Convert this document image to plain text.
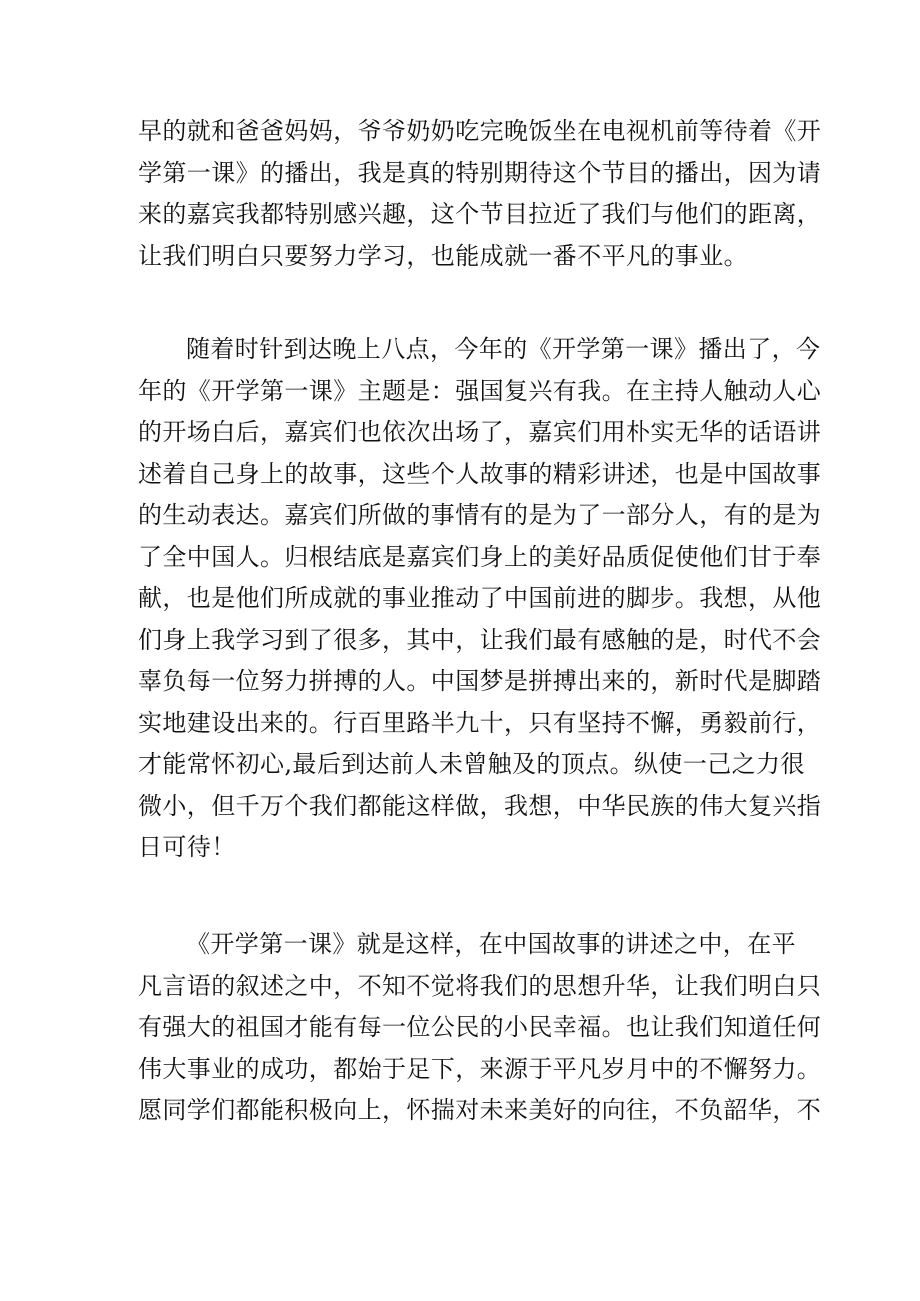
早的就和爸爸妈妈，爷爷奶奶吃完晚饭坐在电视机前等待着《开
学第一课》的播出，我是真的特别期待这个节目的播出，因为请
来的嘉宾我都特别感兴趣，这个节目拉近了我们与他们的距离，
让我们明白只要努力学习，也能成就一番不平凡的事业。
随着时针到达晚上八点，今年的《开学第一课》播出了，今
年的《开学第一课》主题是：强国复兴有我。在主持人触动人心
的开场白后，嘉宾们也依次出场了，嘉宾们用朴实无华的话语讲
述着自己身上的故事，这些个人故事的精彩讲述，也是中国故事
的生动表达。嘉宾们所做的事情有的是为了一部分人，有的是为
了全中国人。归根结底是嘉宾们身上的美好品质促使他们甘于奉
献，也是他们所成就的事业推动了中国前进的脚步。我想，从他
们身上我学习到了很多，其中，让我们最有感触的是，时代不会
辜负每一位努力拼搏的人。中国梦是拼搏出来的，新时代是脚踏
实地建设出来的。行百里路半九十，只有坚持不懈，勇毅前行，
才能常怀初心,最后到达前人未曾触及的顶点。纵使一己之力很
微小，但千万个我们都能这样做，我想，中华民族的伟大复兴指
日可待！
《开学第一课》就是这样，在中国故事的讲述之中，在平
凡言语的叙述之中，不知不觉将我们的思想升华，让我们明白只
有强大的祖国才能有每一位公民的小民幸福。也让我们知道任何
伟大事业的成功，都始于足下，来源于平凡岁月中的不懈努力。
愿同学们都能积极向上，怀揣对未来美好的向往，不负韶华，不
